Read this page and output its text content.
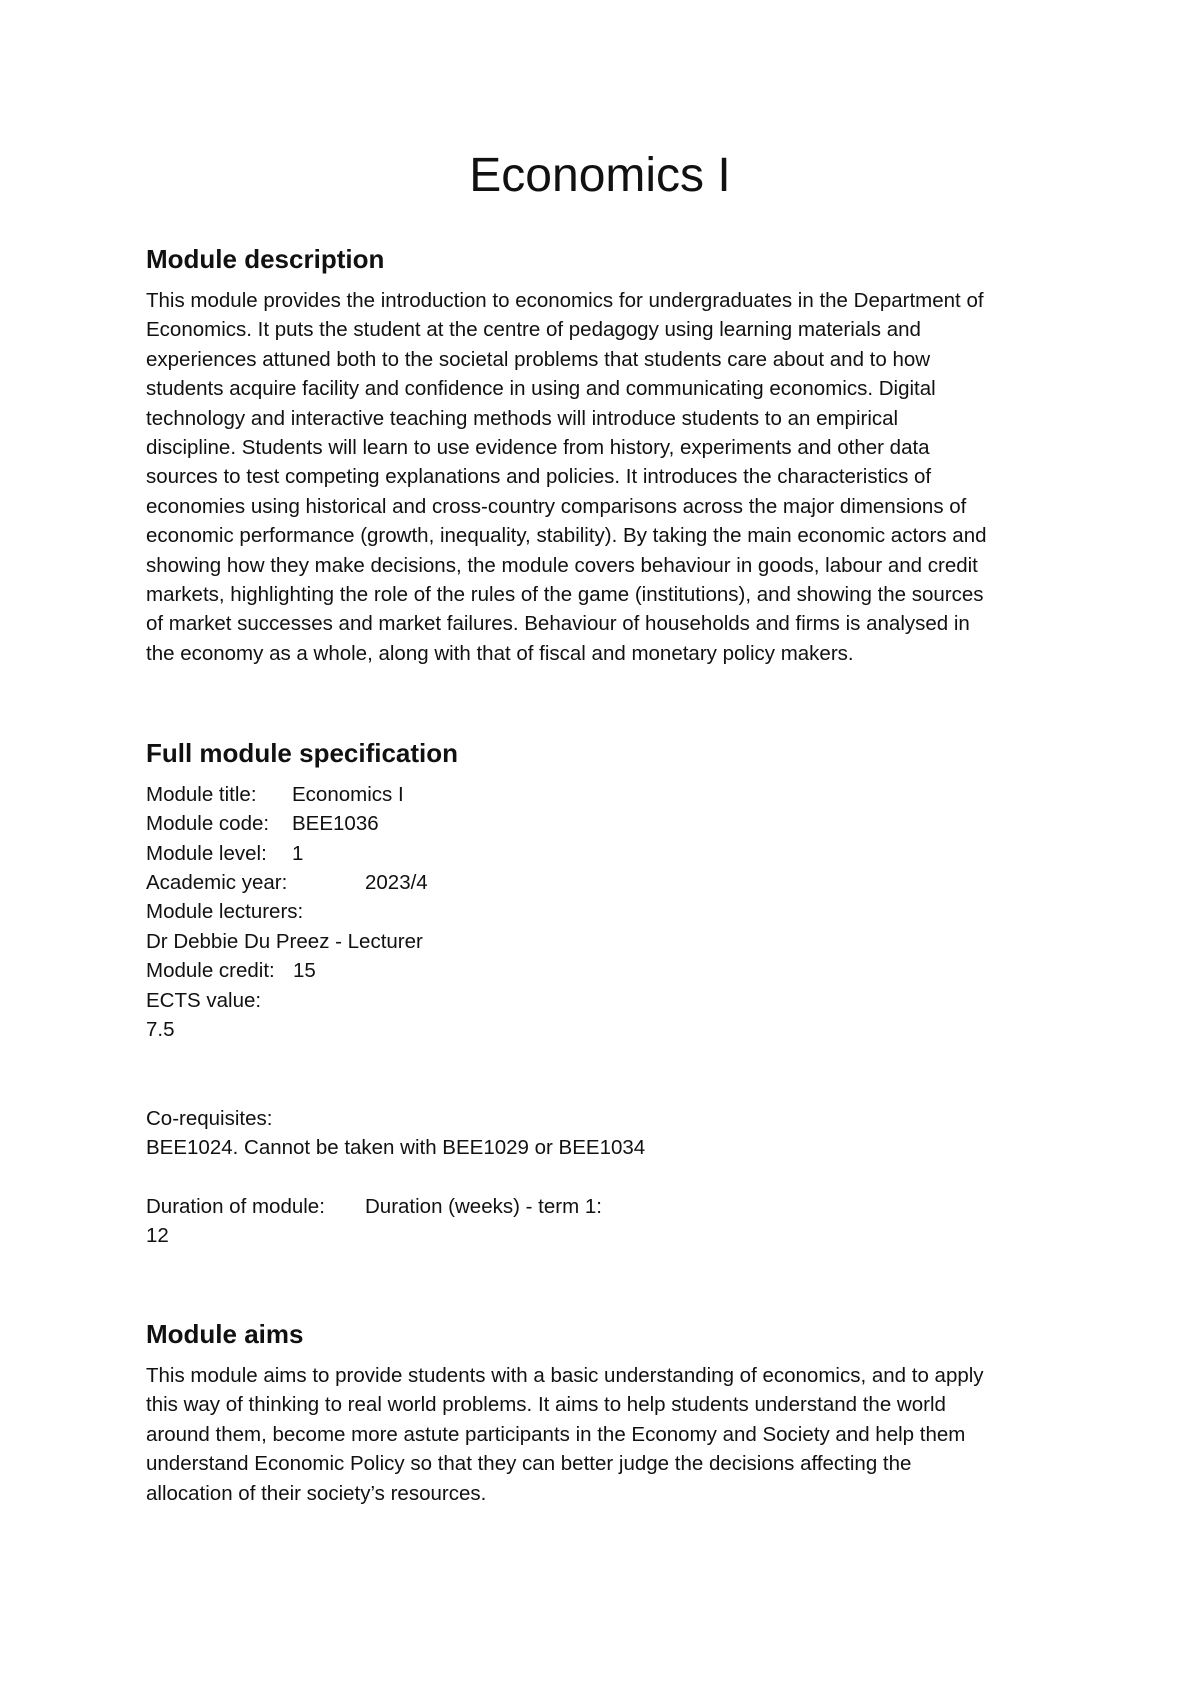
Economics I
Module description

This module provides the introduction to economics for undergraduates in the Department of

Economics. It puts the student at the centre of pedagogy using learning materials and

experiences attuned both to the societal problems that students care about and to how

students acquire facility and confidence in using and communicating economics. Digital

technology and interactive teaching methods will introduce students to an empirical

discipline. Students will learn to use evidence from history, experiments and other data

sources to test competing explanations and policies. It introduces the characteristics of

economies using historical and cross-country comparisons across the major dimensions of

economic performance (growth, inequality, stability). By taking the main economic actors and

showing how they make decisions, the module covers behaviour in goods, labour and credit

markets, highlighting the role of the rules of the game (institutions), and showing the sources

of market successes and market failures. Behaviour of households and firms is analysed in

the economy as a whole, along with that of fiscal and monetary policy makers.

Full module specification
Module title: Economics I
Module code: BEE1036
Module level: 1
Academic year:	2023/4
Module lecturers:
Dr Debbie Du Preez - Lecturer
Module credit: 15
ECTS value:
7.5
Co-requisites:
BEE1024. Cannot be taken with BEE1029 or BEE1034
Duration of module: Duration (weeks) - term 1:
12
Module aims

This module aims to provide students with a basic understanding of economics, and to apply

this way of thinking to real world problems. It aims to help students understand the world

around them, become more astute participants in the Economy and Society and help them

understand Economic Policy so that they can better judge the decisions affecting the

allocation of their society’s resources.
